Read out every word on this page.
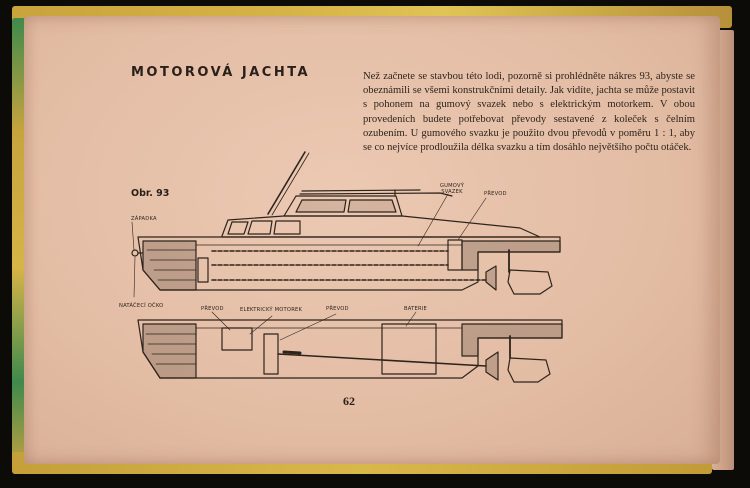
MOTOROVÁ JACHTA	Než začnete se stavbou této lodi, pozorně si prohlédněte nákres 93, abyste se obeznámili se všemi konstrukčními detaily. Jak vidíte, jachta se může postavit s pohonem na gumový svazek nebo s elektrickým motorkem. V obou provedeních budete potřebovat převody sestavené z koleček s čelním ozubením. U gumového svazku je použito dvou převodů v poměru 1 : 1, aby se co nejvíce prodloužila délka svazku a tím dosáhlo největšího počtu otáček.
Obr. 93
ZÁPADKA
GUMOVÝ
SVAZEK	PŘEVOD
NATÁČECÍ OČKO	PŘEVOD	ELEKTRICKÝ MOTOREK	PŘEVOD	BATERIE
62
